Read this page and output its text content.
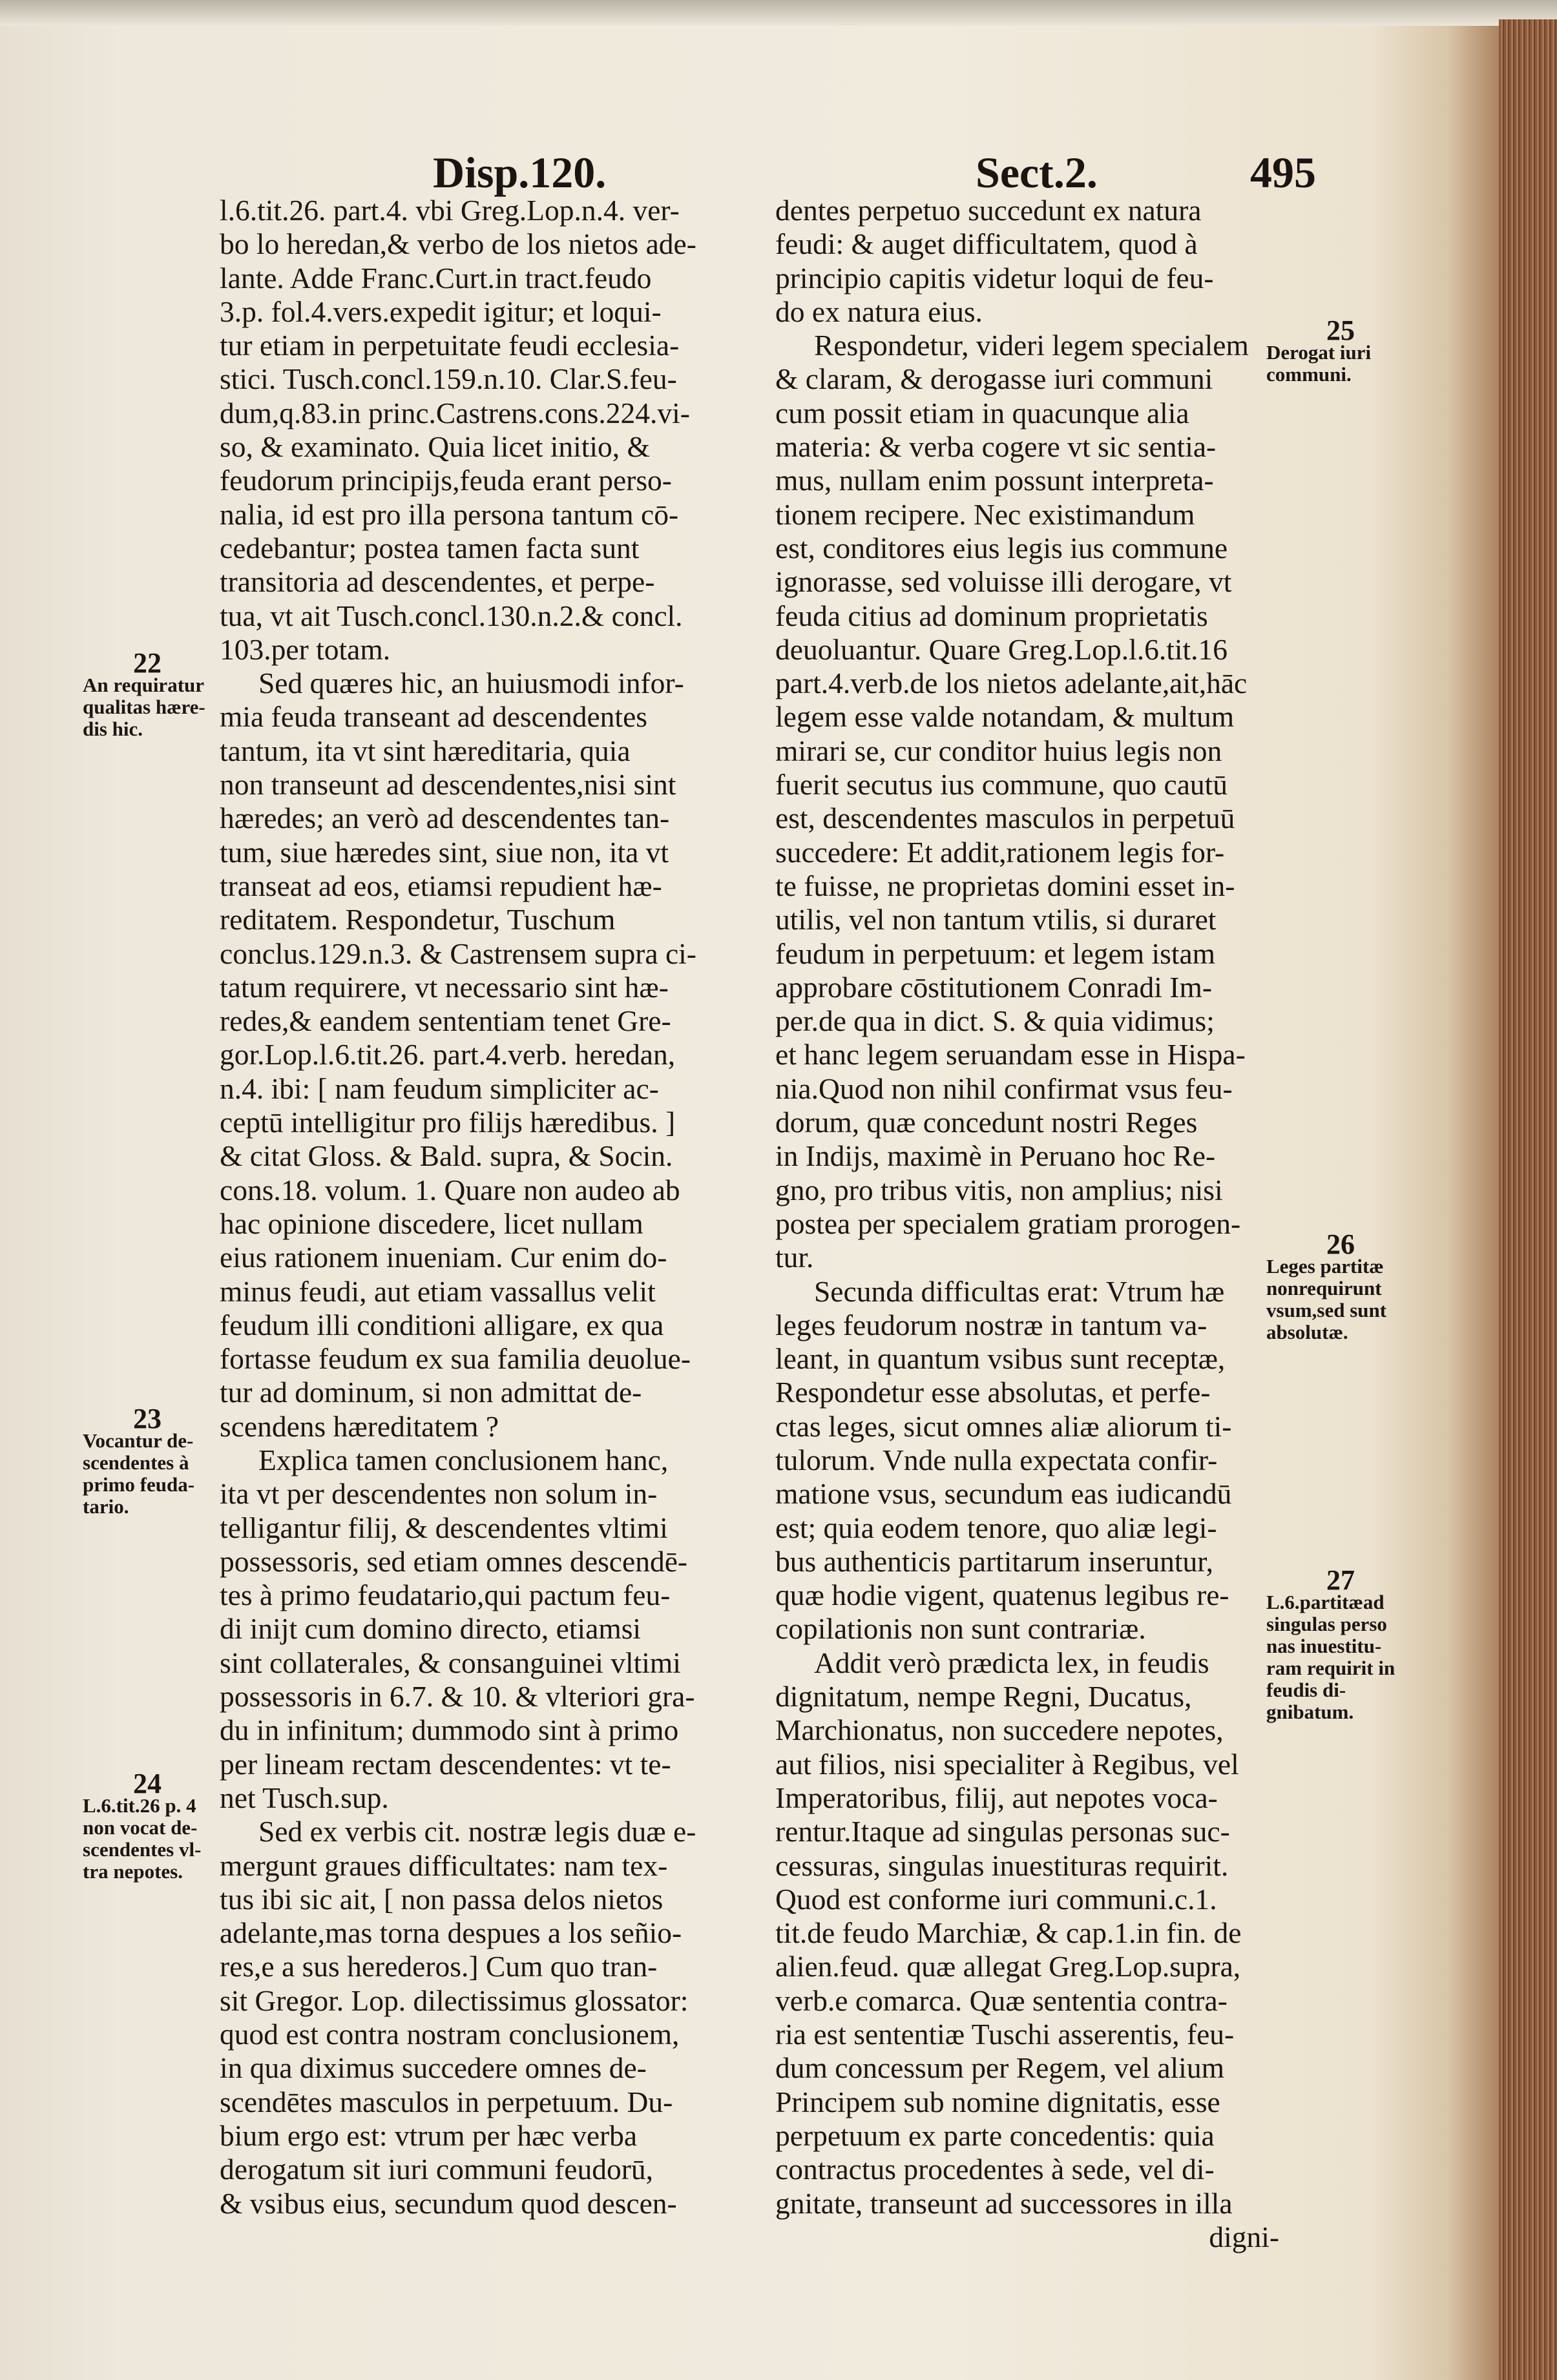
Disp.120.	Sect.2.	495

l.6.tit.26. part.4. vbi Greg.Lop.n.4. ver-

bo lo heredan,& verbo de los nietos ade-

lante. Adde Franc.Curt.in tract.feudo

3.p. fol.4.vers.expedit igitur; et loqui-

tur etiam in perpetuitate feudi ecclesia-

stici. Tusch.concl.159.n.10. Clar.S.feu-

dum,q.83.in princ.Castrens.cons.224.vi-

so, & examinato. Quia licet initio, &

feudorum principijs,feuda erant perso-

nalia, id est pro illa persona tantum cō-

cedebantur; postea tamen facta sunt

transitoria ad descendentes, et perpe-

tua, vt ait Tusch.concl.130.n.2.& concl.

103.per totam.

Sed quæres hic, an huiusmodi infor-

mia feuda transeant ad descendentes

tantum, ita vt sint hæreditaria, quia

non transeunt ad descendentes,nisi sint

hæredes; an verò ad descendentes tan-

tum, siue hæredes sint, siue non, ita vt

transeat ad eos, etiamsi repudient hæ-

reditatem. Respondetur, Tuschum

conclus.129.n.3. & Castrensem supra ci-

tatum requirere, vt necessario sint hæ-

redes,& eandem sententiam tenet Gre-

gor.Lop.l.6.tit.26. part.4.verb. heredan,

n.4. ibi: [ nam feudum simpliciter ac-

ceptū intelligitur pro filijs hæredibus. ]

& citat Gloss. & Bald. supra, & Socin.

cons.18. volum. 1. Quare non audeo ab

hac opinione discedere, licet nullam

eius rationem inueniam. Cur enim do-

minus feudi, aut etiam vassallus velit

feudum illi conditioni alligare, ex qua

fortasse feudum ex sua familia deuolue-

tur ad dominum, si non admittat de-

scendens hæreditatem ?

Explica tamen conclusionem hanc,

ita vt per descendentes non solum in-

telligantur filij, & descendentes vltimi

possessoris, sed etiam omnes descendē-

tes à primo feudatario,qui pactum feu-

di inijt cum domino directo, etiamsi

sint collaterales, & consanguinei vltimi

possessoris in 6.7. & 10. & vlteriori gra-

du in infinitum; dummodo sint à primo

per lineam rectam descendentes: vt te-

net Tusch.sup.

Sed ex verbis cit. nostræ legis duæ e-

mergunt graues difficultates: nam tex-

tus ibi sic ait, [ non passa delos nietos

adelante,mas torna despues a los señio-

res,e a sus herederos.] Cum quo tran-

sit Gregor. Lop. dilectissimus glossator:

quod est contra nostram conclusionem,

in qua diximus succedere omnes de-

scendētes masculos in perpetuum. Du-

bium ergo est: vtrum per hæc verba

derogatum sit iuri communi feudorū,

& vsibus eius, secundum quod descen-

dentes perpetuo succedunt ex natura

feudi: & auget difficultatem, quod à

principio capitis videtur loqui de feu-

do ex natura eius.

Respondetur, videri legem specialem

& claram, & derogasse iuri communi

cum possit etiam in quacunque alia

materia: & verba cogere vt sic sentia-

mus, nullam enim possunt interpreta-

tionem recipere. Nec existimandum

est, conditores eius legis ius commune

ignorasse, sed voluisse illi derogare, vt

feuda citius ad dominum proprietatis

deuoluantur. Quare Greg.Lop.l.6.tit.16

part.4.verb.de los nietos adelante,ait,hāc

legem esse valde notandam, & multum

mirari se, cur conditor huius legis non

fuerit secutus ius commune, quo cautū

est, descendentes masculos in perpetuū

succedere: Et addit,rationem legis for-

te fuisse, ne proprietas domini esset in-

utilis, vel non tantum vtilis, si duraret

feudum in perpetuum: et legem istam

approbare cōstitutionem Conradi Im-

per.de qua in dict. S. & quia vidimus;

et hanc legem seruandam esse in Hispa-

nia.Quod non nihil confirmat vsus feu-

dorum, quæ concedunt nostri Reges

in Indijs, maximè in Peruano hoc Re-

gno, pro tribus vitis, non amplius; nisi

postea per specialem gratiam prorogen-

tur.

Secunda difficultas erat: Vtrum hæ

leges feudorum nostræ in tantum va-

leant, in quantum vsibus sunt receptæ,

Respondetur esse absolutas, et perfe-

ctas leges, sicut omnes aliæ aliorum ti-

tulorum. Vnde nulla expectata confir-

matione vsus, secundum eas iudicandū

est; quia eodem tenore, quo aliæ legi-

bus authenticis partitarum inseruntur,

quæ hodie vigent, quatenus legibus re-

copilationis non sunt contrariæ.

Addit verò prædicta lex, in feudis

dignitatum, nempe Regni, Ducatus,

Marchionatus, non succedere nepotes,

aut filios, nisi specialiter à Regibus, vel

Imperatoribus, filij, aut nepotes voca-

rentur.Itaque ad singulas personas suc-

cessuras, singulas inuestituras requirit.

Quod est conforme iuri communi.c.1.

tit.de feudo Marchiæ, & cap.1.in fin. de

alien.feud. quæ allegat Greg.Lop.supra,

verb.e comarca. Quæ sententia contra-

ria est sententiæ Tuschi asserentis, feu-

dum concessum per Regem, vel alium

Principem sub nomine dignitatis, esse

perpetuum ex parte concedentis: quia

contractus procedentes à sede, vel di-

gnitate, transeunt ad successores in illa

digni-

22
An requiratur qualitas hære-dis hic.
23
Vocantur de-scendentes à primo feuda-tario.
24
L.6.tit.26 p. 4 non vocat de-scendentes vl-tra nepotes.
25
Derogat iuri communi.
26
Leges partitæ nonrequirunt vsum,sed sunt absolutæ.
27
L.6.partitæad singulas perso nas inuestitu-ram requirit in feudis di-gnibatum.
